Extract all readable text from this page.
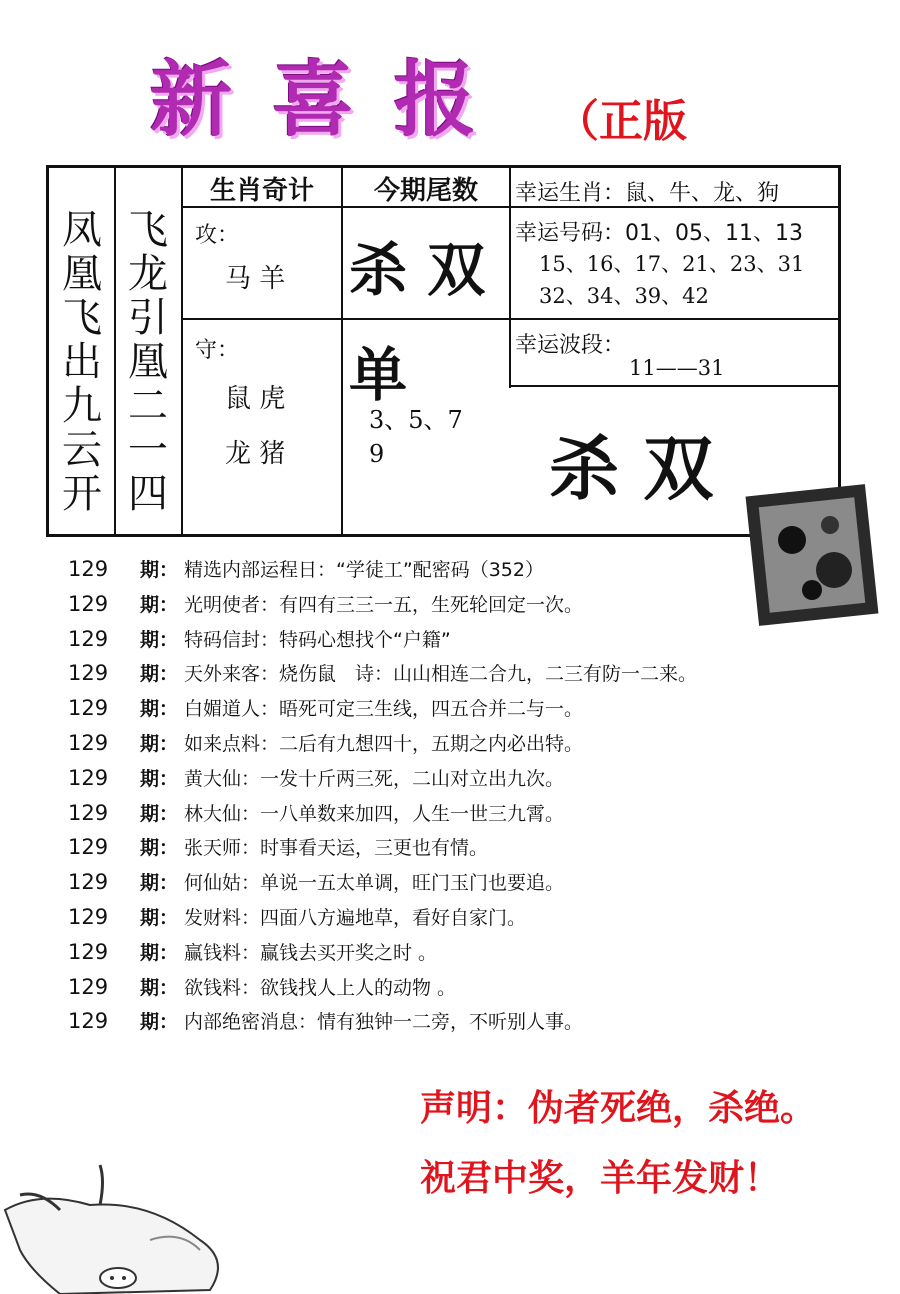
新喜报 （正版
凤凰飞出九云开
飞龙引凰二一四
生肖奇计	今期尾数	幸运生肖：鼠、牛、龙、狗
攻：
马 羊 杀 双
幸运号码：01、05、11、13
15、16、17、21、23、31
32、34、39、42
守：
鼠 虎
龙 猪
单
3、5、7
9
幸运波段：
11——31
杀 双
129 期： 精选内部运程日：“学徒工”配密码（352）
129 期： 光明使者：有四有三三一五，生死轮回定一次。
129 期： 特码信封：特码心想找个“户籍”
129 期： 天外来客：烧伤鼠　诗：山山相连二合九，二三有防一二来。
129 期： 白媚道人：晤死可定三生线，四五合并二与一。
129 期： 如来点料：二后有九想四十，五期之内必出特。
129 期： 黄大仙：一发十斤两三死，二山对立出九次。
129 期： 林大仙：一八单数来加四，人生一世三九霄。
129 期： 张天师：时事看天运，三更也有情。
129 期： 何仙姑：单说一五太单调，旺门玉门也要追。
129 期： 发财料：四面八方遍地草，看好自家门。
129 期： 赢钱料：赢钱去买开奖之时 。
129 期： 欲钱料：欲钱找人上人的动物 。
129 期： 内部绝密消息：情有独钟一二旁，不听别人事。
声明：伪者死绝，杀绝。
祝君中奖，羊年发财！
